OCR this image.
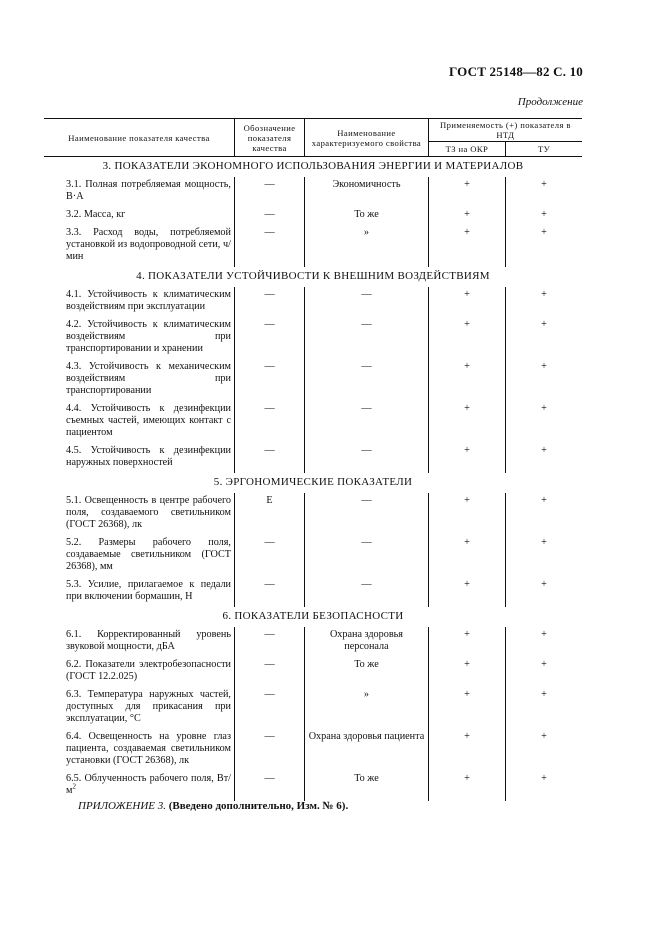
ГОСТ 25148—82 С. 10
Продолжение
Наименование показателя качества	Обозначение показателя качества	Наименование характеризуемого свойства	Применяемость (+) показателя в НТД	
			ТЗ на ОКР	ТУ
3. ПОКАЗАТЕЛИ ЭКОНОМНОГО ИСПОЛЬЗОВАНИЯ ЭНЕРГИИ И МАТЕРИАЛОВ				
3.1. Полная потребляемая мощность, В·А	—	Экономичность	+	+
3.2. Масса, кг	—	То же	+	+
3.3. Расход воды, потребляемой установкой из водопроводной сети, ч/мин	—	»	+	+
4. ПОКАЗАТЕЛИ УСТОЙЧИВОСТИ К ВНЕШНИМ ВОЗДЕЙСТВИЯМ				
4.1. Устойчивость к климатическим воздействиям при эксплуатации	—	—	+	+
4.2. Устойчивость к климатическим воздействиям при транспортировании и хранении	—	—	+	+
4.3. Устойчивость к механическим воздействиям при транспортировании	—	—	+	+
4.4. Устойчивость к дезинфекции съемных частей, имеющих контакт с пациентом	—	—	+	+
4.5. Устойчивость к дезинфекции наружных поверхностей	—	—	+	+
5. ЭРГОНОМИЧЕСКИЕ ПОКАЗАТЕЛИ				
5.1. Освещенность в центре рабочего поля, создаваемого светильником (ГОСТ 26368), лк	E	—	+	+
5.2. Размеры рабочего поля, создаваемые светильником (ГОСТ 26368), мм	—	—	+	+
5.3. Усилие, прилагаемое к педали при включении бормашин, Н	—	—	+	+
6. ПОКАЗАТЕЛИ БЕЗОПАСНОСТИ				
6.1. Корректированный уровень звуковой мощности, дБА	—	Охрана здоровья персонала	+	+
6.2. Показатели электробезопасности (ГОСТ 12.2.025)	—	То же	+	+
6.3. Температура наружных частей, доступных для прикасания при эксплуатации, °C	—	»	+	+
6.4. Освещенность на уровне глаз пациента, создаваемая светильником установки (ГОСТ 26368), лк	—	Охрана здоровья пациента	+	+
6.5. Облученность рабочего поля, $Вт/м^2$	—	То же	+	+
ПРИЛОЖЕНИЕ 3. (Введено дополнительно, Изм. № 6).
